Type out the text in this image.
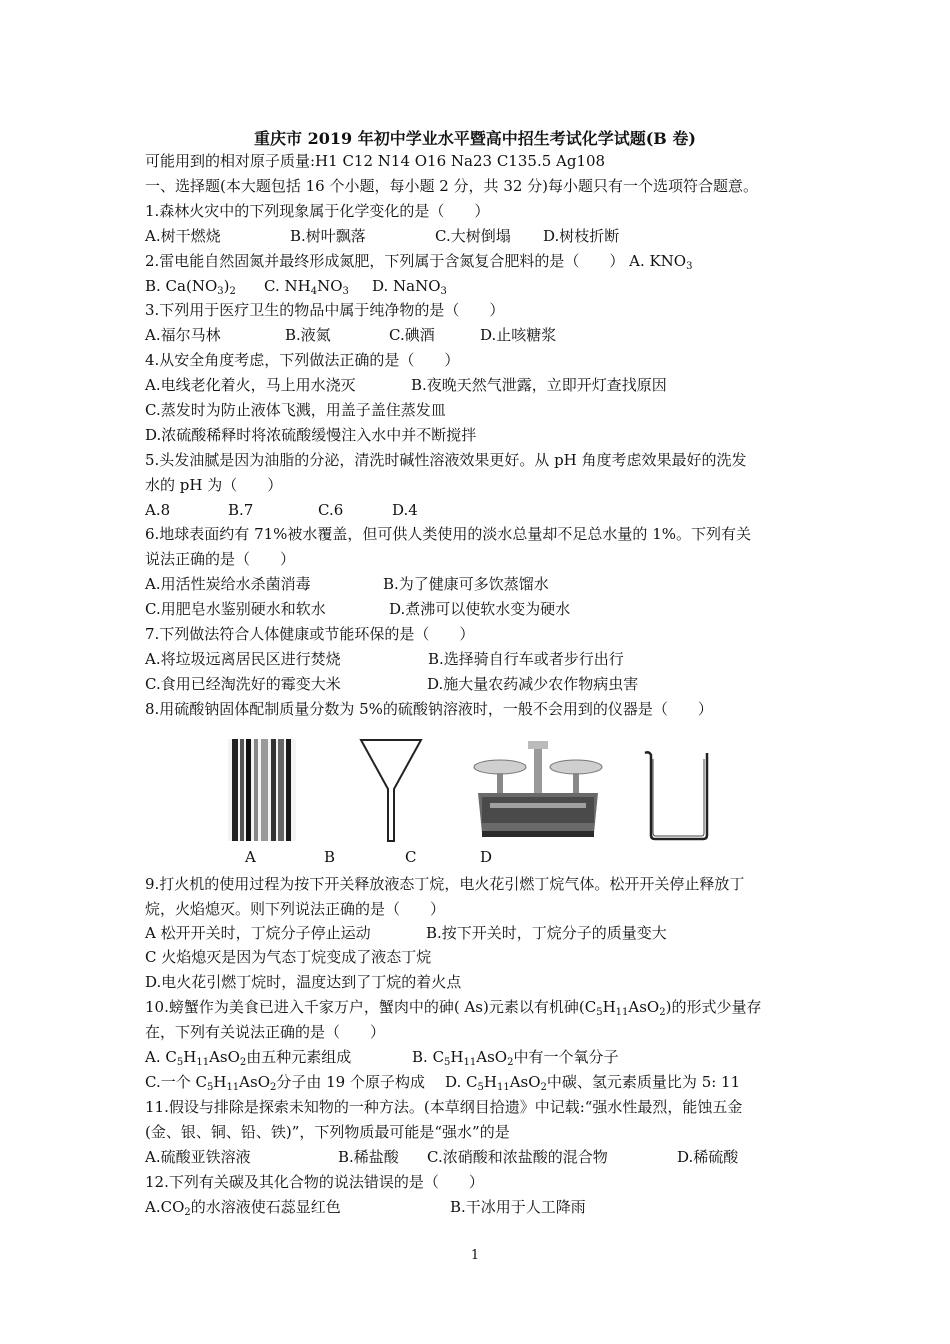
重庆市 2019 年初中学业水平暨高中招生考试化学试题(B 卷)
可能用到的相对原子质量:H1 C12 N14 O16 Na23 C135.5 Ag108
一、选择题(本大题包括 16 个小题，每小题 2 分，共 32 分)每小题只有一个选项符合题意。
1.森林火灾中的下列现象属于化学变化的是（　　）
A.树干燃烧	B.树叶飘落	C.大树倒塌 D.树枝折断
2.雷电能自然固氮并最终形成氮肥，下列属于含氮复合肥料的是（　　） A. $KNO_3$
B. $Ca(NO_3)_2$ C. $NH_4NO_3$ D. NaNO$_3$
3.下列用于医疗卫生的物品中属于纯净物的是（　　）
A.福尔马林	B.液氮	C.碘酒	D.止咳糖浆
4.从安全角度考虑，下列做法正确的是（　　）
A.电线老化着火，马上用水浇灭	B.夜晚天然气泄露，立即开灯查找原因
C.蒸发时为防止液体飞溅，用盖子盖住蒸发皿
D.浓硫酸稀释时将浓硫酸缓慢注入水中并不断搅拌
5.头发油腻是因为油脂的分泌，清洗时碱性溶液效果更好。从 pH 角度考虑效果最好的洗发
水的 pH 为（　　）
A.8	B.7	C.6	D.4
6.地球表面约有 71%被水覆盖，但可供人类使用的淡水总量却不足总水量的 1%。下列有关
说法正确的是（　　）
A.用活性炭给水杀菌消毒	B.为了健康可多饮蒸馏水
C.用肥皂水鉴别硬水和软水	D.煮沸可以使软水变为硬水
7.下列做法符合人体健康或节能环保的是（　　）
A.将垃圾远离居民区进行焚烧	B.选择骑自行车或者步行出行
C.食用已经淘洗好的霉变大米	D.施大量农药减少农作物病虫害
8.用硫酸钠固体配制质量分数为 5%的硫酸钠溶液时，一般不会用到的仪器是（　　）
A	B	C	D
9.打火机的使用过程为按下开关释放液态丁烷，电火花引燃丁烷气体。松开开关停止释放丁
烷，火焰熄灭。则下列说法正确的是（　　）
A 松开开关时，丁烷分子停止运动	B.按下开关时，丁烷分子的质量变大
C 火焰熄灭是因为气态丁烷变成了液态丁烷
D.电火花引燃丁烷时，温度达到了丁烷的着火点
10.螃蟹作为美食已进入千家万户，蟹肉中的砷( As)元素以有机砷$(C_5H_{11}AsO_2)$的形式少量存
在，下列有关说法正确的是（　　）
A. $C_5H_{11}AsO_2$由五种元素组成	B. $C_5H_{11}AsO_2$中有一个氧分子
C.一个 $C_5H_{11}AsO_2$分子由 19 个原子构成 D. $C_5H_{11}AsO_2$中碳、氢元素质量比为 5: 11
11.假设与排除是探索未知物的一种方法。(本草纲目拾遗》中记载:“强水性最烈，能蚀五金
(金、银、铜、铅、铁)”，下列物质最可能是“强水”的是
A.硫酸亚铁溶液	B.稀盐酸 C.浓硝酸和浓盐酸的混合物	D.稀硫酸
12.下列有关碳及其化合物的说法错误的是（　　）
$A.CO_2$的水溶液使石蕊显红色	B.干冰用于人工降雨
1
